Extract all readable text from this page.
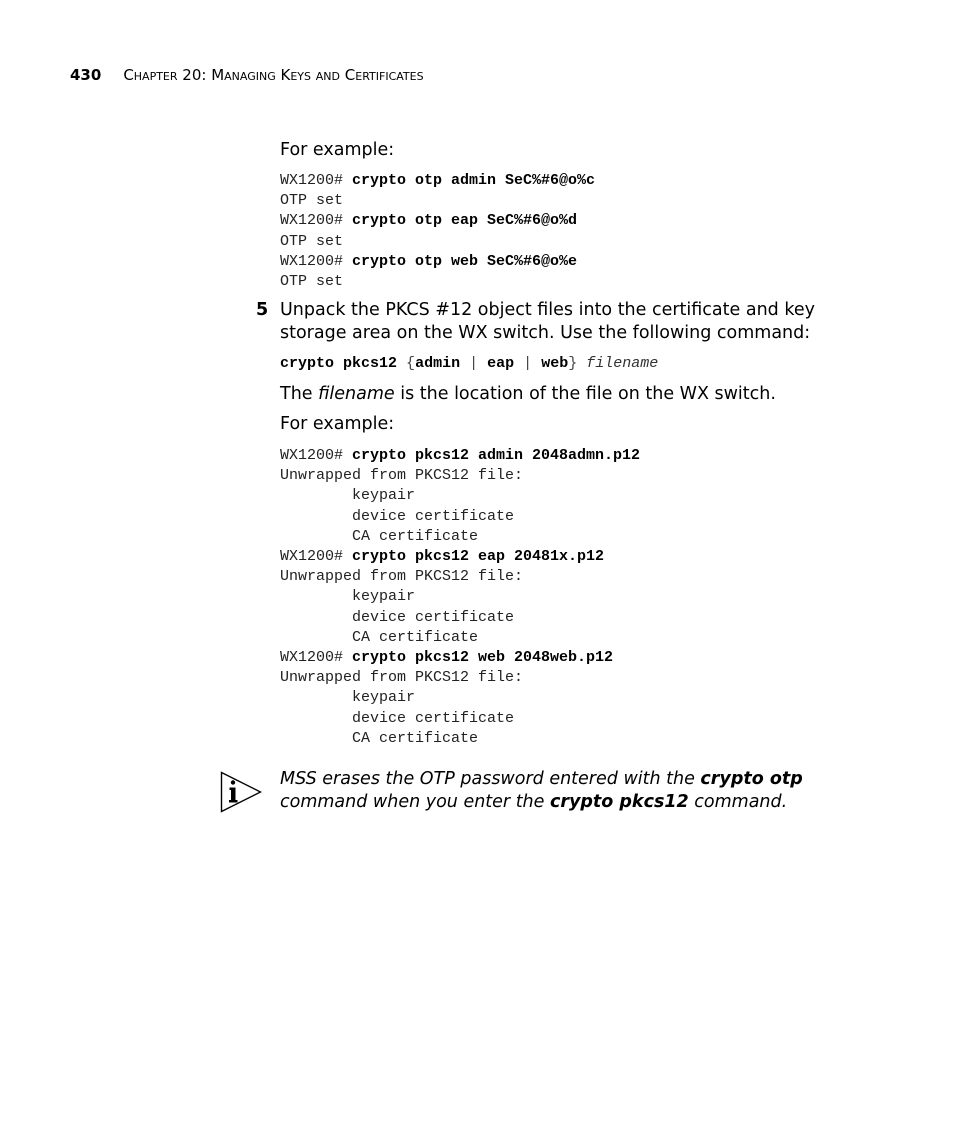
430 Chapter 20: Managing Keys and Certificates
For example:
WX1200# crypto otp admin SeC%#6@o%c
OTP set
WX1200# crypto otp eap SeC%#6@o%d
OTP set
WX1200# crypto otp web SeC%#6@o%e
OTP set
5 Unpack the PKCS #12 object files into the certificate and key storage area on the WX switch. Use the following command:
crypto pkcs12 {admin | eap | web} filename
The filename is the location of the file on the WX switch.
For example:
WX1200# crypto pkcs12 admin 2048admn.p12
Unwrapped from PKCS12 file:
keypair
device certificate
CA certificate
WX1200# crypto pkcs12 eap 20481x.p12
Unwrapped from PKCS12 file:
keypair
device certificate
CA certificate
WX1200# crypto pkcs12 web 2048web.p12
Unwrapped from PKCS12 file:
keypair
device certificate
CA certificate
MSS erases the OTP password entered with the crypto otp command when you enter the crypto pkcs12 command.
